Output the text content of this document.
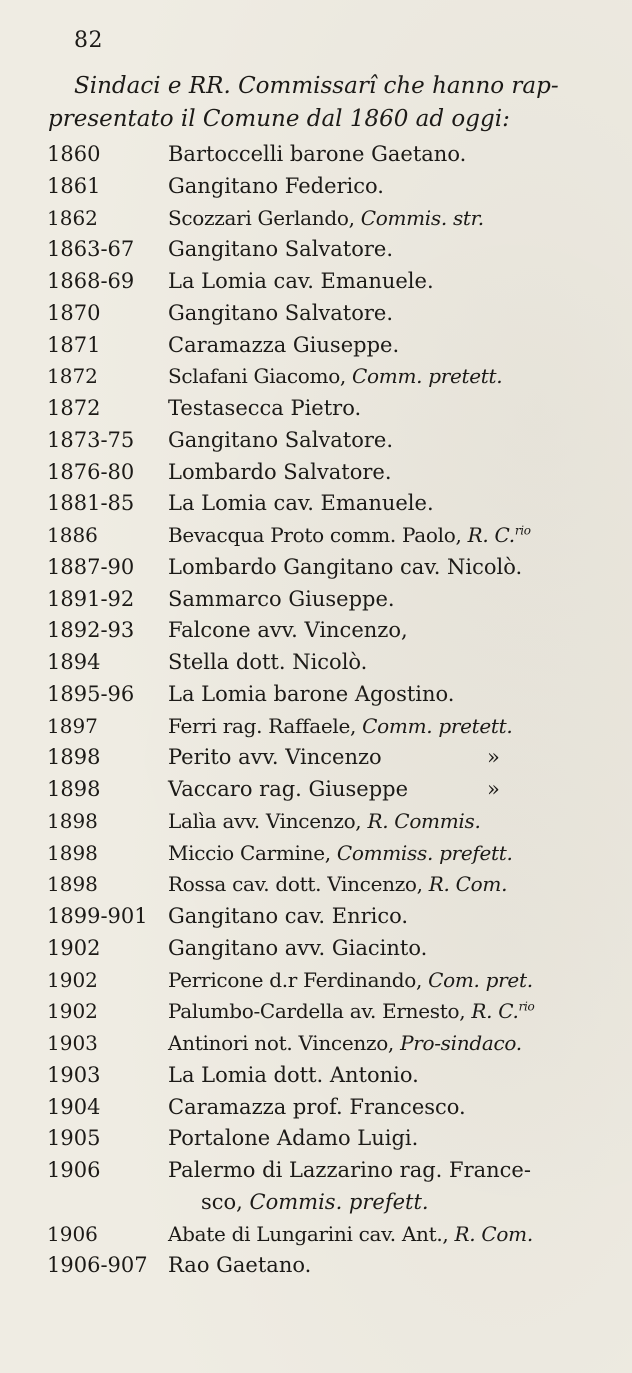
82
Sindaci e RR. Commissarî che hanno rap-
presentato il Comune dal 1860 ad oggi:
1860	Bartoccelli barone Gaetano.
1861	Gangitano Federico.
1862	Scozzari Gerlando, Commis. str.
1863-67 Gangitano Salvatore.
1868-69 La Lomia cav. Emanuele.
1870	Gangitano Salvatore.
1871	Caramazza Giuseppe.
1872	Sclafani Giacomo, Comm. pretett.
1872	Testasecca Pietro.
1873-75 Gangitano Salvatore.
1876-80 Lombardo Salvatore.
1881-85 La Lomia cav. Emanuele.
1886	Bevacqua Proto comm. Paolo, R. C.$^{rio}$
1887-90 Lombardo Gangitano cav. Nicolò.
1891-92 Sammarco Giuseppe.
1892-93 Falcone avv. Vincenzo,
1894	Stella dott. Nicolò.
1895-96 La Lomia barone Agostino.
1897	Ferri rag. Raffaele, Comm. pretett.
1898	Perito avv. Vincenzo	»
1898	Vaccaro rag. Giuseppe	»
1898	Lalìa avv. Vincenzo, R. Commis.
1898	Miccio Carmine, Commiss. prefett.
1898	Rossa cav. dott. Vincenzo, R. Com.
1899-901 Gangitano cav. Enrico.
1902	Gangitano avv. Giacinto.
1902	Perricone d.r Ferdinando, Com. pret.
1902	Palumbo-Cardella av. Ernesto, R. C.$^{rio}$
1903	Antinori not. Vincenzo, Pro-sindaco.
1903	La Lomia dott. Antonio.
1904	Caramazza prof. Francesco.
1905	Portalone Adamo Luigi.
1906	Palermo di Lazzarino rag. France-
sco, Commis. prefett.
1906	Abate di Lungarini cav. Ant., R. Com.
1906-907 Rao Gaetano.
